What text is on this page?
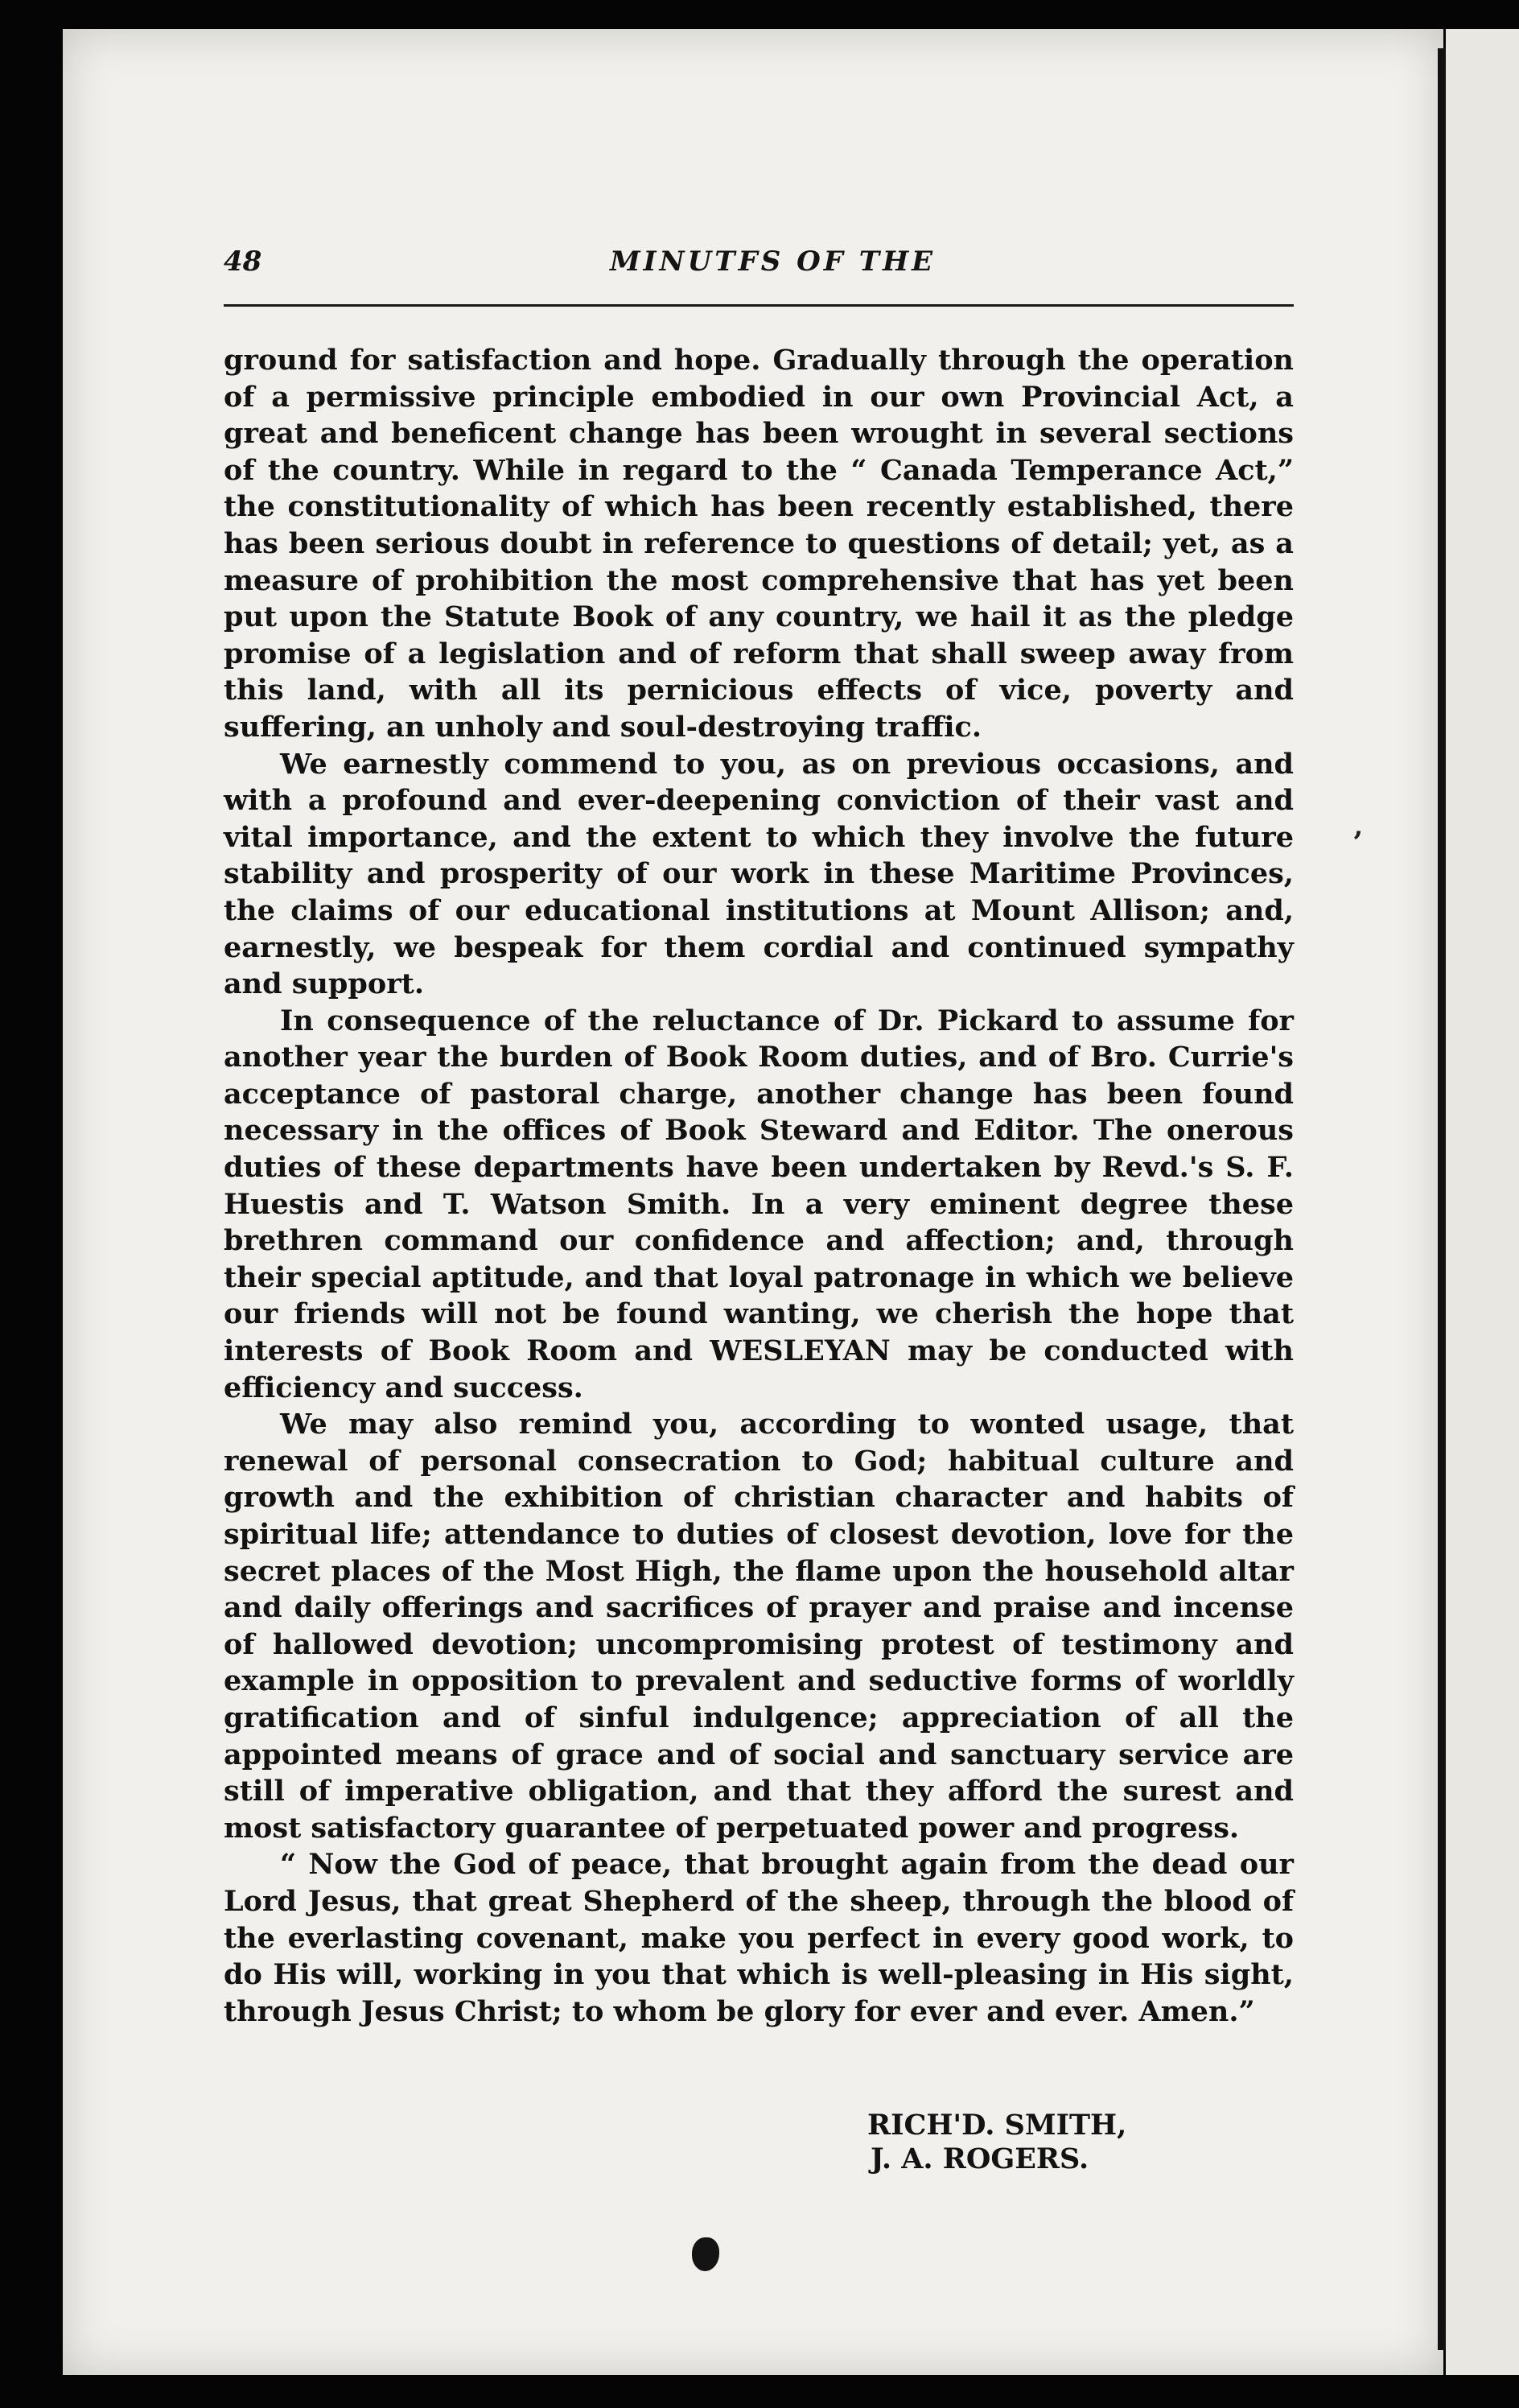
48	MINUTFS OF THE

ground for satisfaction and hope. Gradually through the operation of a permissive principle embodied in our own Provincial Act, a great and beneficent change has been wrought in several sections of the country. While in regard to the “ Canada Temperance Act,” the constitutionality of which has been recently established, there has been serious doubt in reference to questions of detail; yet, as a measure of prohibition the most comprehensive that has yet been put upon the Statute Book of any country, we hail it as the pledge promise of a legislation and of reform that shall sweep away from this land, with all its pernicious effects of vice, poverty and suffering, an unholy and soul-destroying traffic.

We earnestly commend to you, as on previous occasions, and with a profound and ever-deepening conviction of their vast and vital importance, and the extent to which they involve the future stability and prosperity of our work in these Maritime Provinces, the claims of our educational institutions at Mount Allison; and, earnestly, we bespeak for them cordial and continued sympathy and support.

In consequence of the reluctance of Dr. Pickard to assume for another year the burden of Book Room duties, and of Bro. Currie's acceptance of pastoral charge, another change has been found necessary in the offices of Book Steward and Editor. The onerous duties of these departments have been undertaken by Revd.'s S. F. Huestis and T. Watson Smith. In a very eminent degree these brethren command our confidence and affection; and, through their special aptitude, and that loyal patronage in which we believe our friends will not be found wanting, we cherish the hope that interests of Book Room and WESLEYAN may be conducted with efficiency and success.

We may also remind you, according to wonted usage, that renewal of personal consecration to God; habitual culture and growth and the exhibition of christian character and habits of spiritual life; attendance to duties of closest devotion, love for the secret places of the Most High, the flame upon the household altar and daily offerings and sacrifices of prayer and praise and incense of hallowed devotion; uncompromising protest of testimony and example in opposition to prevalent and seductive forms of worldly gratification and of sinful indulgence; appreciation of all the appointed means of grace and of social and sanctuary service are still of imperative obligation, and that they afford the surest and most satisfactory guarantee of perpetuated power and progress.

“ Now the God of peace, that brought again from the dead our Lord Jesus, that great Shepherd of the sheep, through the blood of the everlasting covenant, make you perfect in every good work, to do His will, working in you that which is well-pleasing in His sight, through Jesus Christ; to whom be glory for ever and ever. Amen.”

RICH'D. SMITH,
J. A. ROGERS.
‚
